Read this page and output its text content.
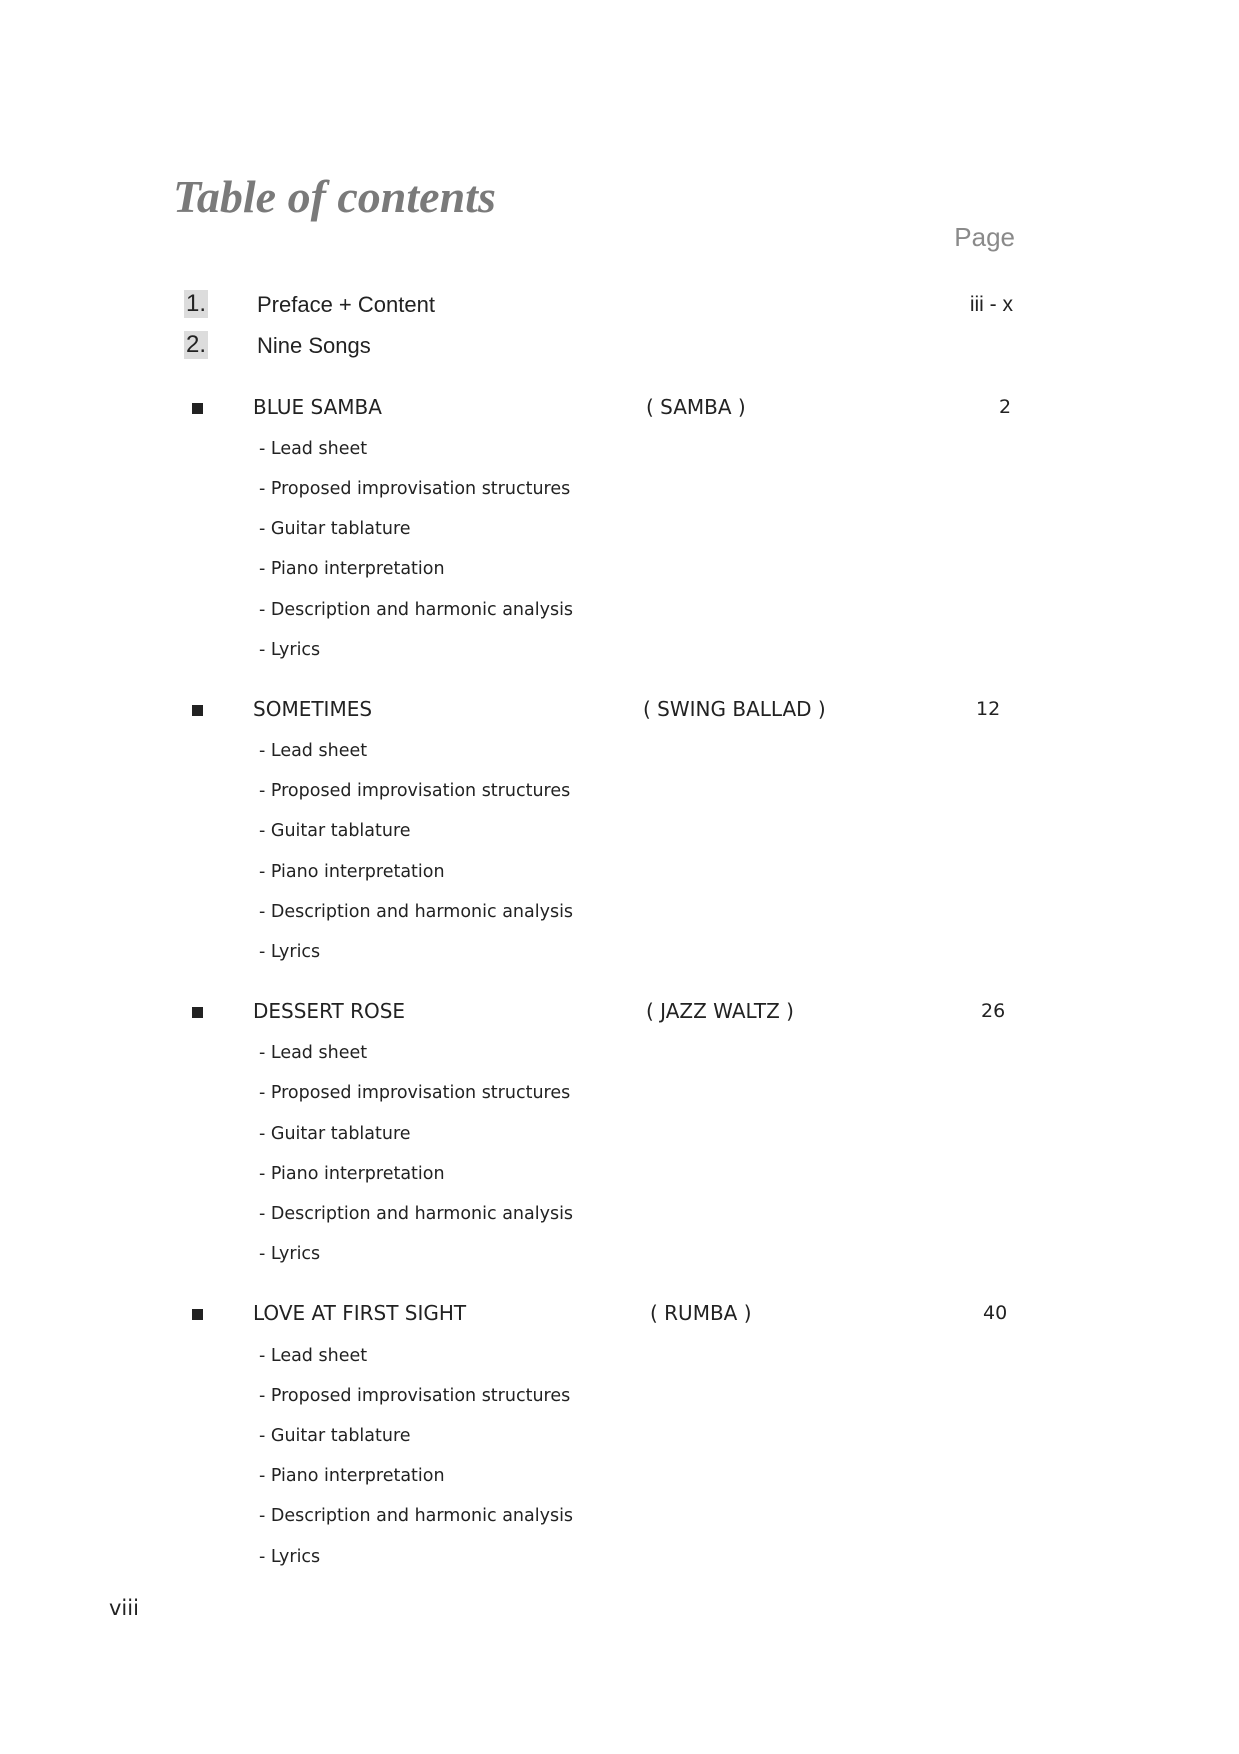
Table of contents
Page
1. Preface + Content	iii - x
2. Nine Songs
BLUE SAMBA	( SAMBA )	2
- Lead sheet
- Proposed improvisation structures
- Guitar tablature
- Piano interpretation
- Description and harmonic analysis
- Lyrics
SOMETIMES	( SWING BALLAD )	12
- Lead sheet
- Proposed improvisation structures
- Guitar tablature
- Piano interpretation
- Description and harmonic analysis
- Lyrics
DESSERT ROSE	( JAZZ WALTZ )	26
- Lead sheet
- Proposed improvisation structures
- Guitar tablature
- Piano interpretation
- Description and harmonic analysis
- Lyrics
LOVE AT FIRST SIGHT	( RUMBA )	40
- Lead sheet
- Proposed improvisation structures
- Guitar tablature
- Piano interpretation
- Description and harmonic analysis
- Lyrics
viii
